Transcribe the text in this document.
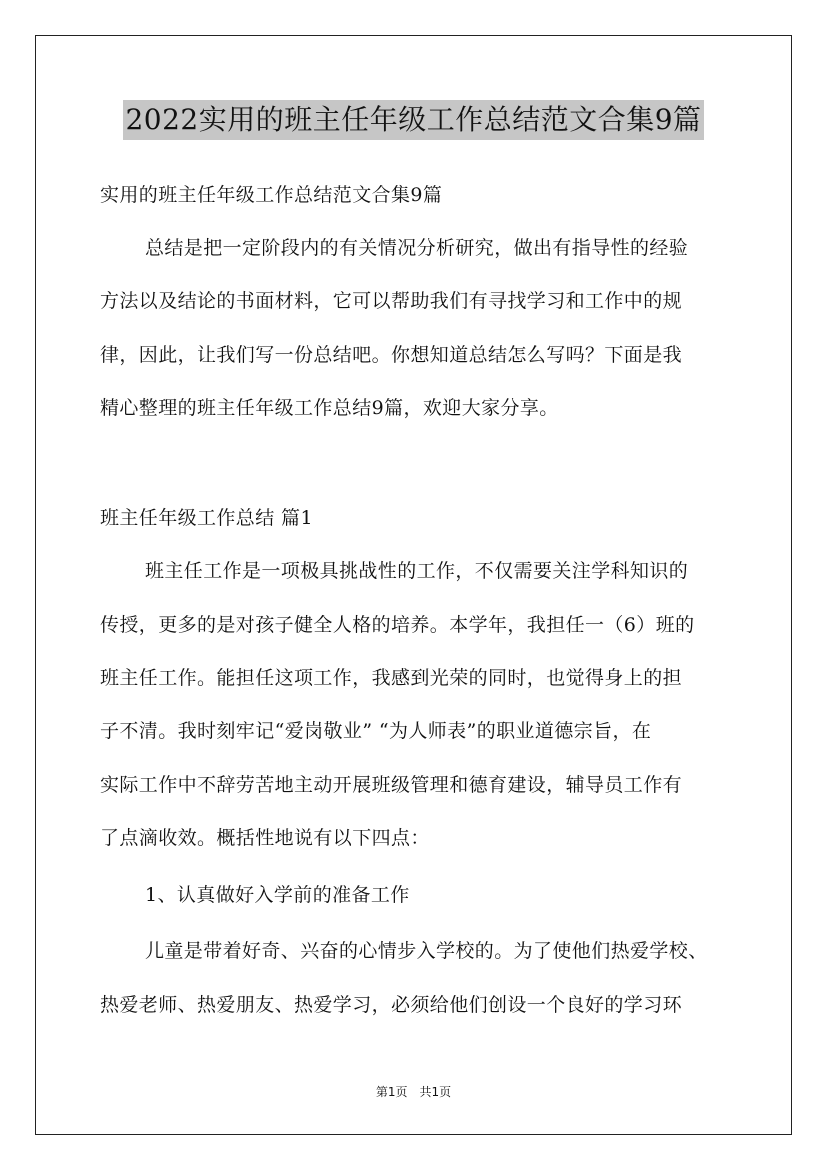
2022实用的班主任年级工作总结范文合集9篇
实用的班主任年级工作总结范文合集9篇
总结是把一定阶段内的有关情况分析研究，做出有指导性的经验
方法以及结论的书面材料，它可以帮助我们有寻找学习和工作中的规
律，因此，让我们写一份总结吧。你想知道总结怎么写吗？下面是我
精心整理的班主任年级工作总结9篇，欢迎大家分享。
班主任年级工作总结 篇1
班主任工作是一项极具挑战性的工作，不仅需要关注学科知识的
传授，更多的是对孩子健全人格的培养。本学年，我担任一（6）班的
班主任工作。能担任这项工作，我感到光荣的同时，也觉得身上的担
子不清。我时刻牢记“爱岗敬业” “为人师表”的职业道德宗旨，在
实际工作中不辞劳苦地主动开展班级管理和德育建设，辅导员工作有
了点滴收效。概括性地说有以下四点：
1、认真做好入学前的准备工作
儿童是带着好奇、兴奋的心情步入学校的。为了使他们热爱学校、
热爱老师、热爱朋友、热爱学习，必须给他们创设一个良好的学习环
第1页 共1页
